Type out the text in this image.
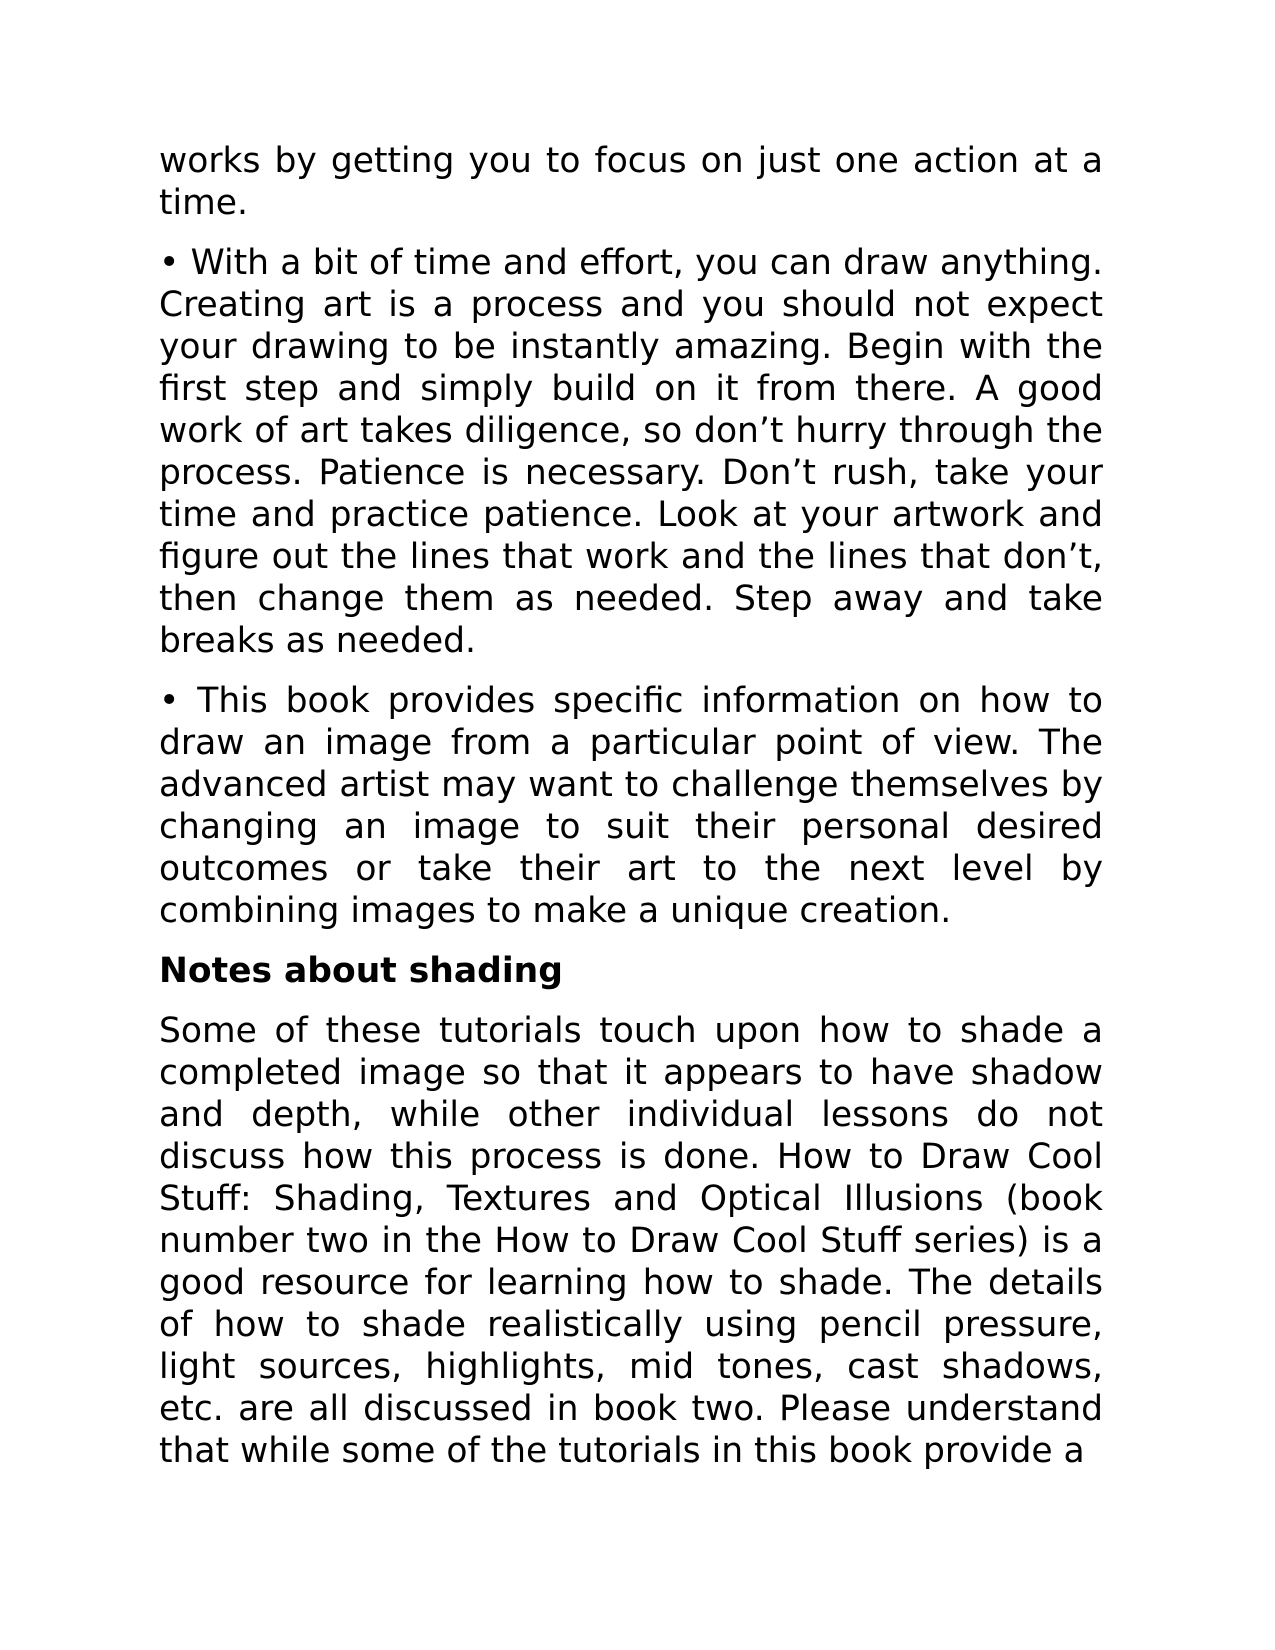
works by getting you to focus on just one action at a time.

• With a bit of time and effort, you can draw anything. Creating art is a process and you should not expect your drawing to be instantly amazing. Begin with the first step and simply build on it from there. A good work of art takes diligence, so don’t hurry through the process. Patience is necessary. Don’t rush, take your time and practice patience. Look at your artwork and figure out the lines that work and the lines that don’t, then change them as needed. Step away and take breaks as needed.

• This book provides specific information on how to draw an image from a particular point of view. The advanced artist may want to challenge themselves by changing an image to suit their personal desired outcomes or take their art to the next level by combining images to make a unique creation.

Notes about shading

Some of these tutorials touch upon how to shade a completed image so that it appears to have shadow and depth, while other individual lessons do not discuss how this process is done. How to Draw Cool Stuff: Shading, Textures and Optical Illusions (book number two in the How to Draw Cool Stuff series) is a good resource for learning how to shade. The details of how to shade realistically using pencil pressure, light sources, highlights, mid tones, cast shadows, etc. are all discussed in book two. Please understand that while some of the tutorials in this book provide a
